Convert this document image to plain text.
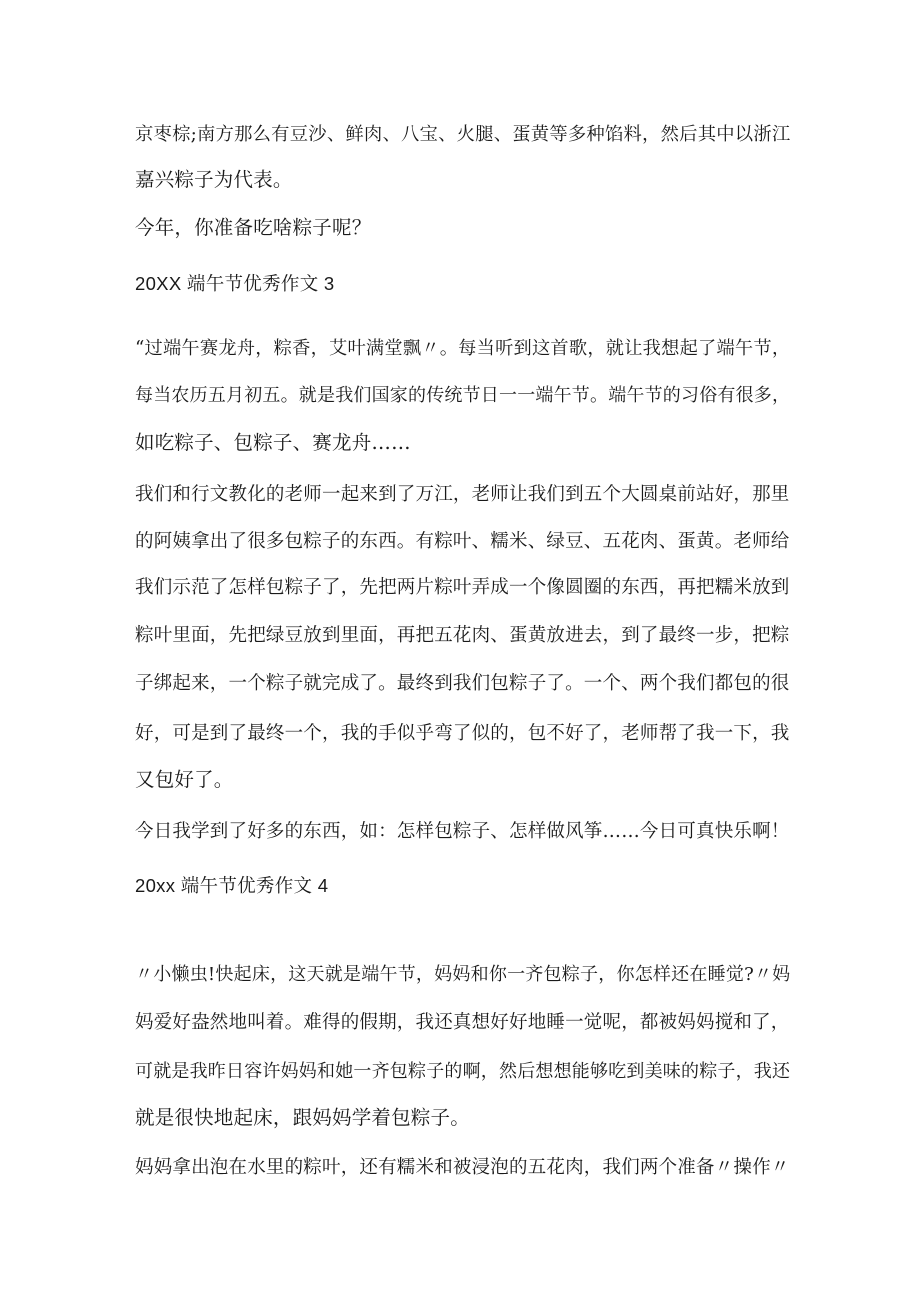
京枣棕;南方那么有豆沙、鲜肉、八宝、火腿、蛋黄等多种馅料，然后其中以浙江
嘉兴粽子为代表。
今年，你准备吃啥粽子呢？
20XX 端午节优秀作文 3
“过端午赛龙舟，粽香，艾叶满堂飘〃。每当听到这首歌，就让我想起了端午节，
每当农历五月初五。就是我们国家的传统节日一一端午节。端午节的习俗有很多，
如吃粽子、包粽子、赛龙舟……
我们和行文教化的老师一起来到了万江，老师让我们到五个大圆桌前站好，那里
的阿姨拿出了很多包粽子的东西。有粽叶、糯米、绿豆、五花肉、蛋黄。老师给
我们示范了怎样包粽子了，先把两片粽叶弄成一个像圆圈的东西，再把糯米放到
粽叶里面，先把绿豆放到里面，再把五花肉、蛋黄放进去，到了最终一步，把粽
子绑起来，一个粽子就完成了。最终到我们包粽子了。一个、两个我们都包的很
好，可是到了最终一个，我的手似乎弯了似的，包不好了，老师帮了我一下，我
又包好了。
今日我学到了好多的东西，如：怎样包粽子、怎样做风筝……今日可真快乐啊！
20xx 端午节优秀作文 4
〃小懒虫!快起床，这天就是端午节，妈妈和你一齐包粽子，你怎样还在睡觉?〃妈
妈爱好盎然地叫着。难得的假期，我还真想好好地睡一觉呢，都被妈妈搅和了，
可就是我昨日容许妈妈和她一齐包粽子的啊，然后想想能够吃到美味的粽子，我还
就是很快地起床，跟妈妈学着包粽子。
妈妈拿出泡在水里的粽叶，还有糯米和被浸泡的五花肉，我们两个准备〃操作〃
